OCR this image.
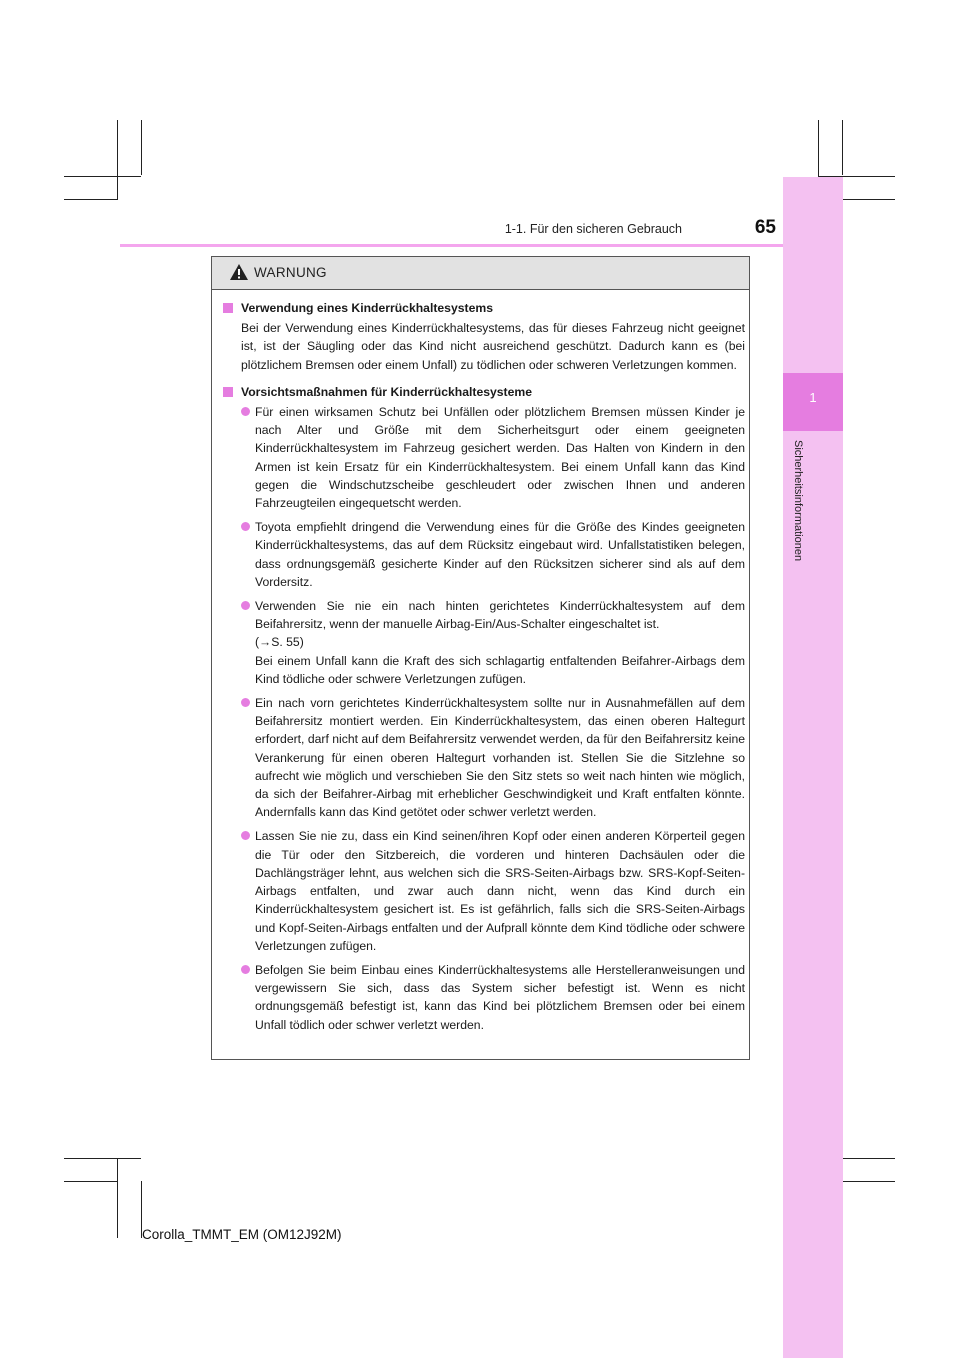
1
Sicherheitsinformationen
1-1. Für den sicheren Gebrauch	65
WARNUNG

Verwendung eines Kinderrückhaltesystems

Bei der Verwendung eines Kinderrückhaltesystems, das für dieses Fahrzeug nicht geeignet ist, ist der Säugling oder das Kind nicht ausreichend geschützt. Dadurch kann es (bei plötzlichem Bremsen oder einem Unfall) zu tödlichen oder schweren Verletzungen kommen.

Vorsichtsmaßnahmen für Kinderrückhaltesysteme

Für einen wirksamen Schutz bei Unfällen oder plötzlichem Bremsen müssen Kinder je nach Alter und Größe mit dem Sicherheitsgurt oder einem geeigneten Kinderrückhaltesystem im Fahrzeug gesichert werden. Das Halten von Kindern in den Armen ist kein Ersatz für ein Kinderrückhaltesystem. Bei einem Unfall kann das Kind gegen die Windschutzscheibe geschleudert oder zwischen Ihnen und anderen Fahrzeugteilen eingequetscht werden.
Toyota empfiehlt dringend die Verwendung eines für die Größe des Kindes geeigneten Kinderrückhaltesystems, das auf dem Rücksitz eingebaut wird. Unfallstatistiken belegen, dass ordnungsgemäß gesicherte Kinder auf den Rücksitzen sicherer sind als auf dem Vordersitz.
Verwenden Sie nie ein nach hinten gerichtetes Kinderrückhaltesystem auf dem Beifahrersitz, wenn der manuelle Airbag-Ein/Aus-Schalter eingeschaltet ist.
(→S. 55)
Bei einem Unfall kann die Kraft des sich schlagartig entfaltenden Beifahrer-Airbags dem Kind tödliche oder schwere Verletzungen zufügen.
Ein nach vorn gerichtetes Kinderrückhaltesystem sollte nur in Ausnahmefällen auf dem Beifahrersitz montiert werden. Ein Kinderrückhaltesystem, das einen oberen Haltegurt erfordert, darf nicht auf dem Beifahrersitz verwendet werden, da für den Beifahrersitz keine Verankerung für einen oberen Haltegurt vorhanden ist. Stellen Sie die Sitzlehne so aufrecht wie möglich und verschieben Sie den Sitz stets so weit nach hinten wie möglich, da sich der Beifahrer-Airbag mit erheblicher Geschwindigkeit und Kraft entfalten könnte. Andernfalls kann das Kind getötet oder schwer verletzt werden.
Lassen Sie nie zu, dass ein Kind seinen/ihren Kopf oder einen anderen Körperteil gegen die Tür oder den Sitzbereich, die vorderen und hinteren Dachsäulen oder die Dachlängsträger lehnt, aus welchen sich die SRS-Seiten-Airbags bzw. SRS-Kopf-Seiten-Airbags entfalten, und zwar auch dann nicht, wenn das Kind durch ein Kinderrückhaltesystem gesichert ist. Es ist gefährlich, falls sich die SRS-Seiten-Airbags und Kopf-Seiten-Airbags entfalten und der Aufprall könnte dem Kind tödliche oder schwere Verletzungen zufügen.
Befolgen Sie beim Einbau eines Kinderrückhaltesystems alle Herstelleranweisungen und vergewissern Sie sich, dass das System sicher befestigt ist. Wenn es nicht ordnungsgemäß befestigt ist, kann das Kind bei plötzlichem Bremsen oder bei einem Unfall tödlich oder schwer verletzt werden.
Corolla_TMMT_EM (OM12J92M)
